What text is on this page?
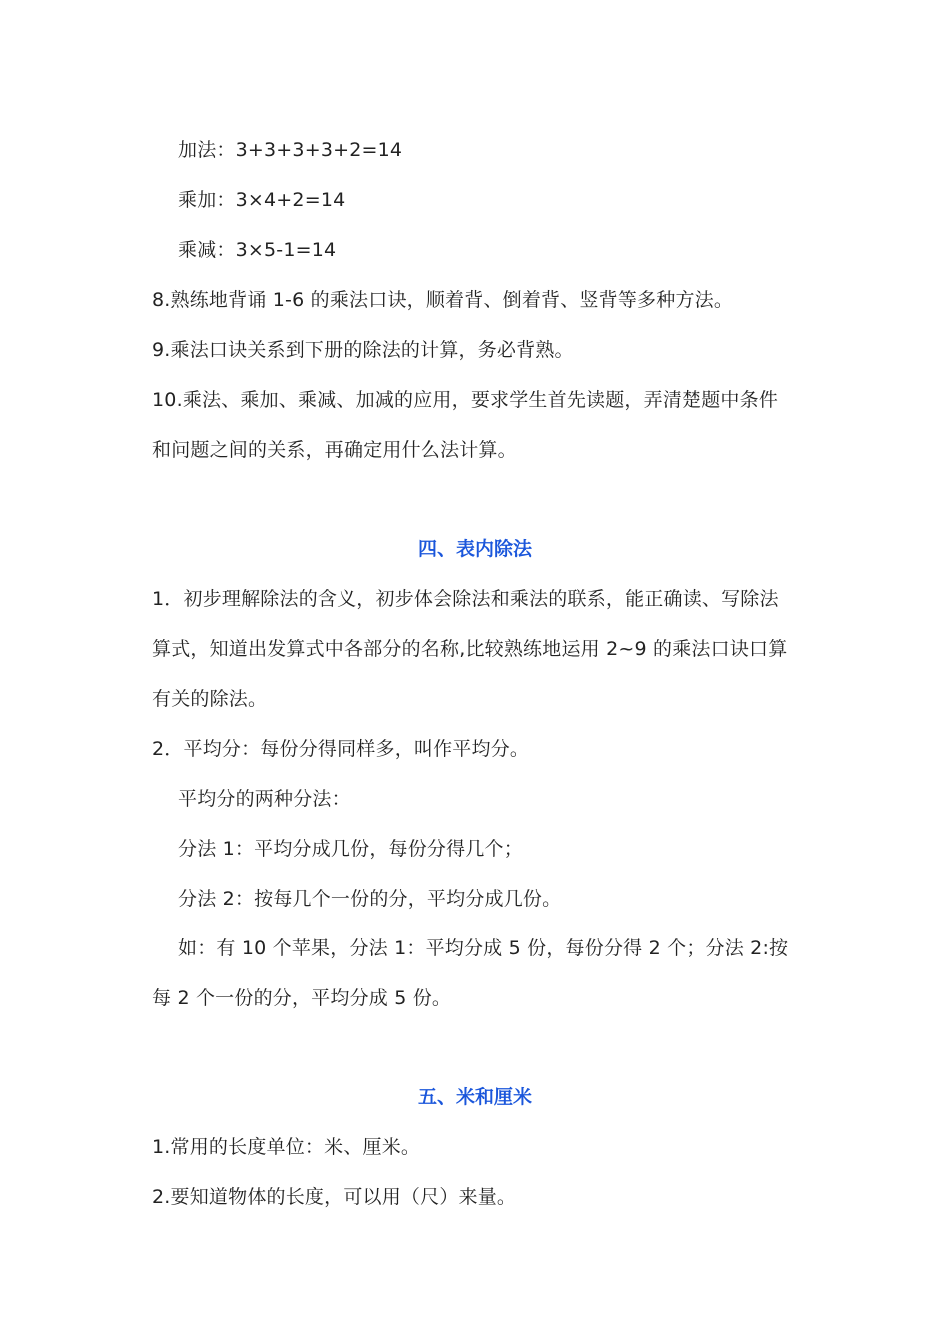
加法：3+3+3+3+2=14
乘加：3×4+2=14
乘减：3×5-1=14
8.熟练地背诵 1-6 的乘法口诀，顺着背、倒着背、竖背等多种方法。
9.乘法口诀关系到下册的除法的计算，务必背熟。
10.乘法、乘加、乘减、加减的应用，要求学生首先读题，弄清楚题中条件
和问题之间的关系，再确定用什么法计算。
四、表内除法
1．初步理解除法的含义，初步体会除法和乘法的联系，能正确读、写除法
算式，知道出发算式中各部分的名称,比较熟练地运用 2~9 的乘法口诀口算
有关的除法。
2．平均分：每份分得同样多，叫作平均分。
平均分的两种分法：
分法 1：平均分成几份，每份分得几个；
分法 2：按每几个一份的分，平均分成几份。
如：有 10 个苹果，分法 1：平均分成 5 份，每份分得 2 个；分法 2:按
每 2 个一份的分，平均分成 5 份。
五、米和厘米
1.常用的长度单位：米、厘米。
2.要知道物体的长度，可以用（尺）来量。
